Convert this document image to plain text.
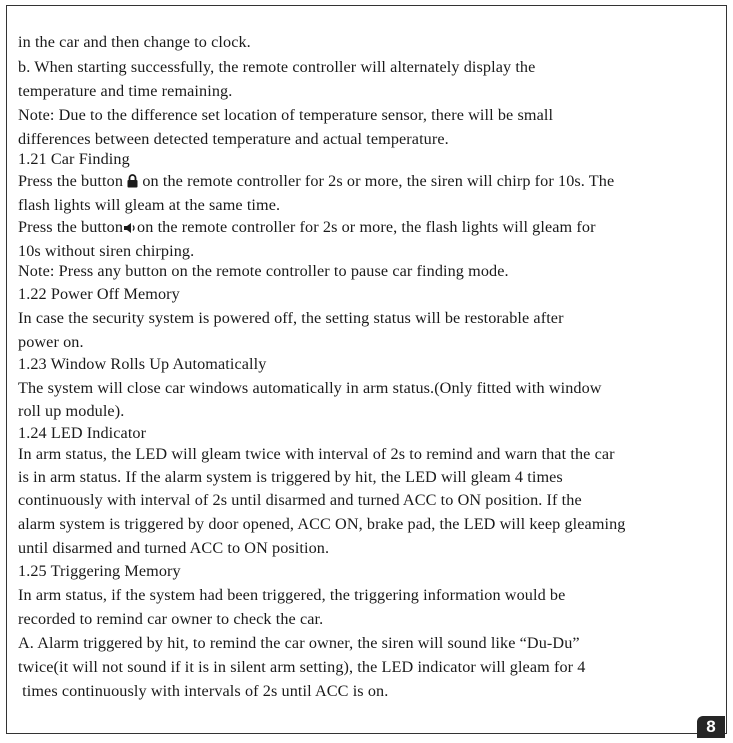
in the car and then change to clock.
b. When starting successfully, the remote controller will alternately display the
temperature and time remaining.
Note: Due to the difference set location of temperature sensor, there will be small
differences between detected temperature and actual temperature.
1.21 Car Finding
Press the button on the remote controller for 2s or more, the siren will chirp for 10s. The
flash lights will gleam at the same time.
Press the button on the remote controller for 2s or more, the flash lights will gleam for
10s without siren chirping.
Note: Press any button on the remote controller to pause car finding mode.
1.22 Power Off Memory
In case the security system is powered off, the setting status will be restorable after
power on.
1.23 Window Rolls Up Automatically
The system will close car windows automatically in arm status.(Only fitted with window
roll up module).
1.24 LED Indicator
In arm status, the LED will gleam twice with interval of 2s to remind and warn that the car
is in arm status. If the alarm system is triggered by hit, the LED will gleam 4 times
continuously with interval of 2s until disarmed and turned ACC to ON position. If the
alarm system is triggered by door opened, ACC ON, brake pad, the LED will keep gleaming
until disarmed and turned ACC to ON position.
1.25 Triggering Memory
In arm status, if the system had been triggered, the triggering information would be
recorded to remind car owner to check the car.
A. Alarm triggered by hit, to remind the car owner, the siren will sound like “Du-Du”
twice(it will not sound if it is in silent arm setting), the LED indicator will gleam for 4
times continuously with intervals of 2s until ACC is on.
8
